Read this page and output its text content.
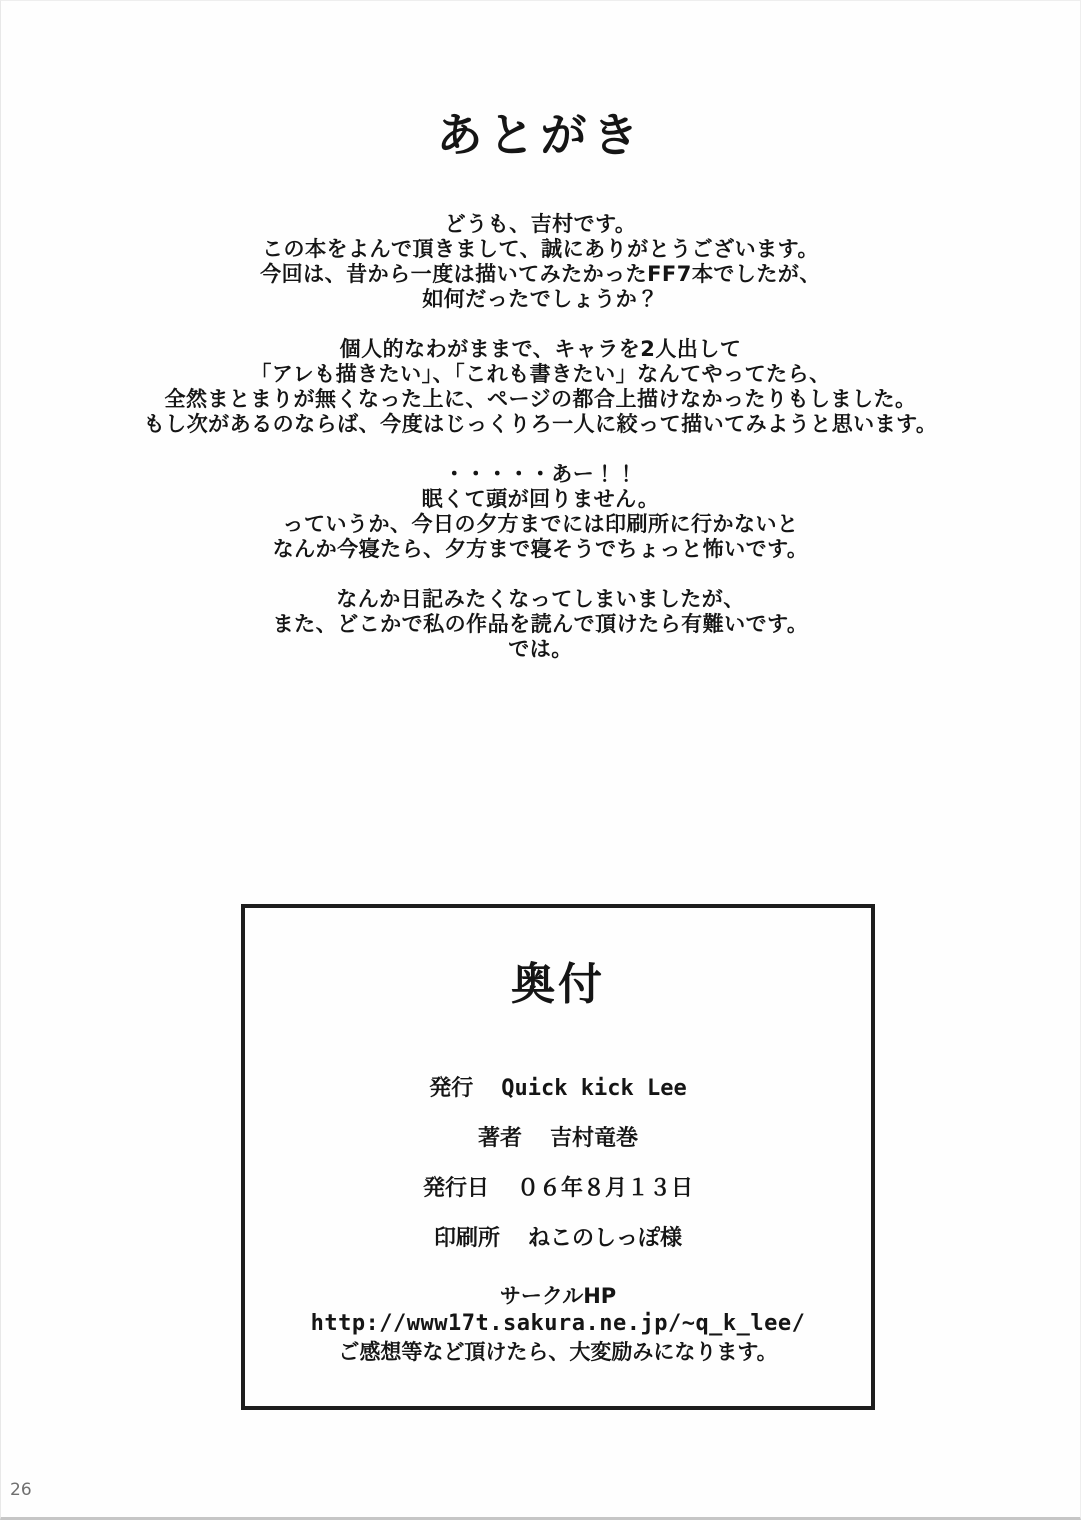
あとがき
どうも、吉村です。
この本をよんで頂きまして、誠にありがとうございます。
今回は、昔から一度は描いてみたかったFF7本でしたが、
如何だったでしょうか？
個人的なわがままで、キャラを2人出して
「アレも描きたい」、「これも書きたい」なんてやってたら、
全然まとまりが無くなった上に、ページの都合上描けなかったりもしました。
もし次があるのならば、今度はじっくりろ一人に絞って描いてみようと思います。
・・・・・あー！！
眠くて頭が回りません。
っていうか、今日の夕方までには印刷所に行かないと
なんか今寝たら、夕方まで寝そうでちょっと怖いです。
なんか日記みたくなってしまいましたが、
また、どこかで私の作品を読んで頂けたら有難いです。
では。
奥付
発行 Quick kick Lee
著者 吉村竜巻
発行日 ０６年８月１３日
印刷所 ねこのしっぽ様
サークルHP
http://www17t.sakura.ne.jp/~q_k_lee/
ご感想等など頂けたら、大変励みになります。
26
